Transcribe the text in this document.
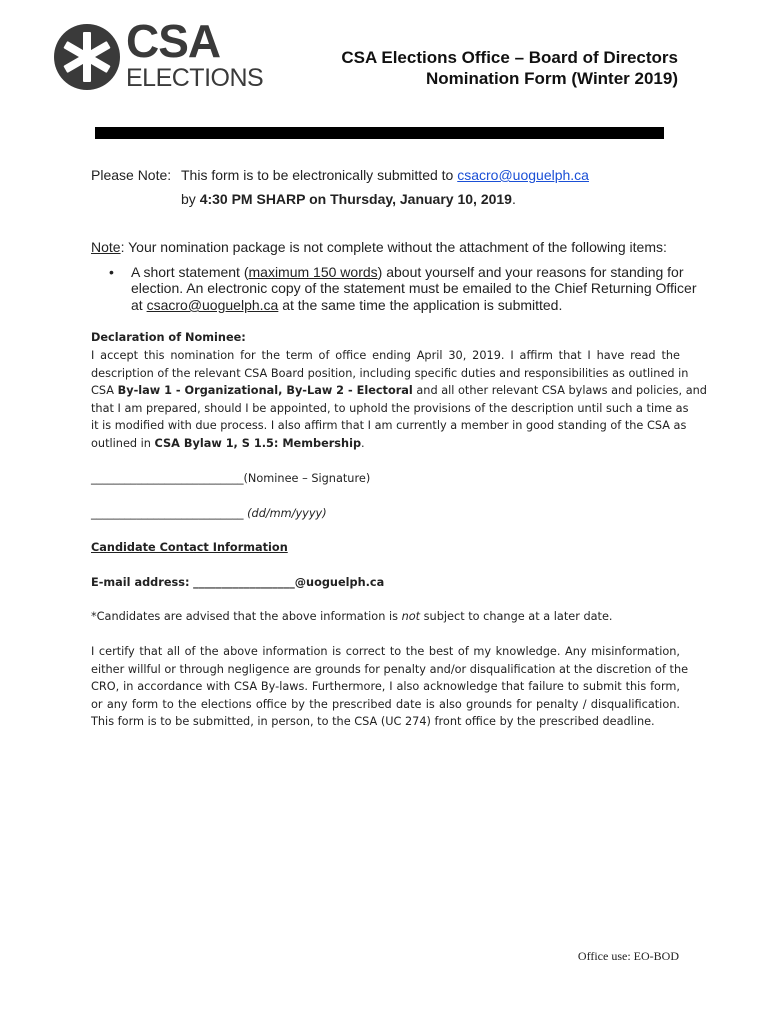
CSA
ELECTIONS
CSA Elections Office – Board of Directors
Nomination Form (Winter 2019)
Please Note: This form is to be electronically submitted to csacro@uoguelph.ca
by 4:30 PM SHARP on Thursday, January 10, 2019.
Note: Your nomination package is not complete without the attachment of the following items:
• A short statement (maximum 150 words) about yourself and your reasons for standing for
election. An electronic copy of the statement must be emailed to the Chief Returning Officer
at csacro@uoguelph.ca at the same time the application is submitted.
Declaration of Nominee:
I accept this nomination for the term of office ending April 30, 2019. I affirm that I have read the
description of the relevant CSA Board position, including specific duties and responsibilities as outlined in
CSA By-law 1 - Organizational, By-Law 2 - Electoral and all other relevant CSA bylaws and policies, and
that I am prepared, should I be appointed, to uphold the provisions of the description until such a time as
it is modified with due process. I also affirm that I am currently a member in good standing of the CSA as
outlined in CSA Bylaw 1, S 1.5: Membership.
___________________________(Nominee – Signature)
___________________________ (dd/mm/yyyy)
Candidate Contact Information
E-mail address: __________________@uoguelph.ca
*Candidates are advised that the above information is not subject to change at a later date.
I certify that all of the above information is correct to the best of my knowledge. Any misinformation,
either willful or through negligence are grounds for penalty and/or disqualification at the discretion of the
CRO, in accordance with CSA By-laws. Furthermore, I also acknowledge that failure to submit this form,
or any form to the elections office by the prescribed date is also grounds for penalty / disqualification.
This form is to be submitted, in person, to the CSA (UC 274) front office by the prescribed deadline.
Office use: EO-BOD
